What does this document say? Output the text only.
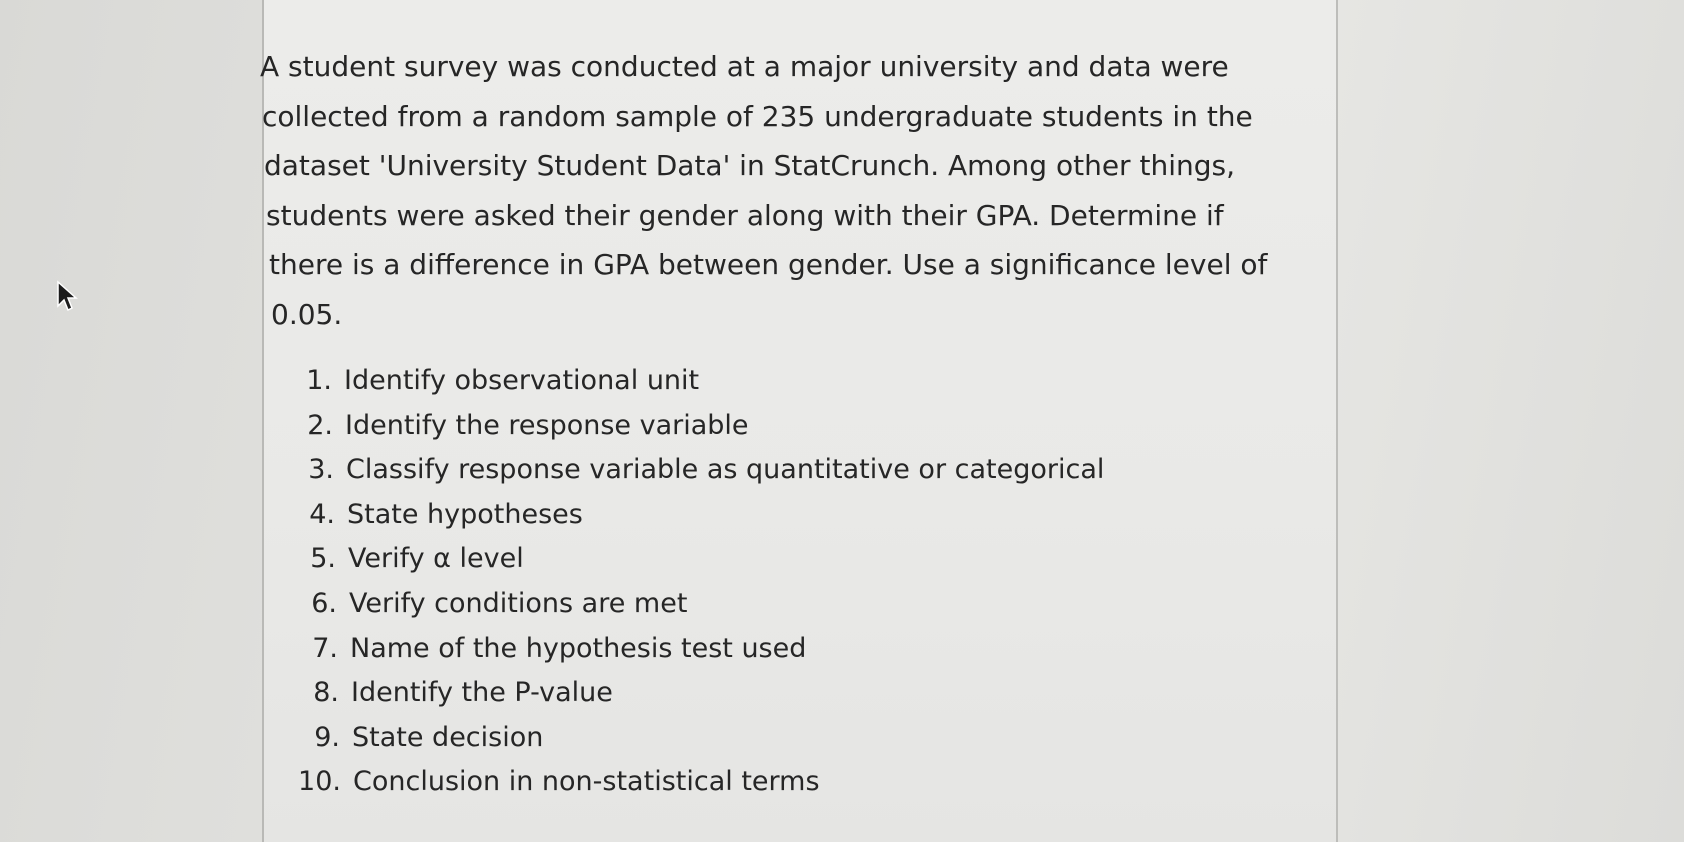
A student survey was conducted at a major university and data were
collected from a random sample of 235 undergraduate students in the
dataset 'University Student Data' in StatCrunch. Among other things,
students were asked their gender along with their GPA. Determine if
there is a difference in GPA between gender. Use a significance level of
0.05.
1. Identify observational unit
2. Identify the response variable
3. Classify response variable as quantitative or categorical
4. State hypotheses
5. Verify α level
6. Verify conditions are met
7. Name of the hypothesis test used
8. Identify the P-value
9. State decision
10. Conclusion in non-statistical terms
